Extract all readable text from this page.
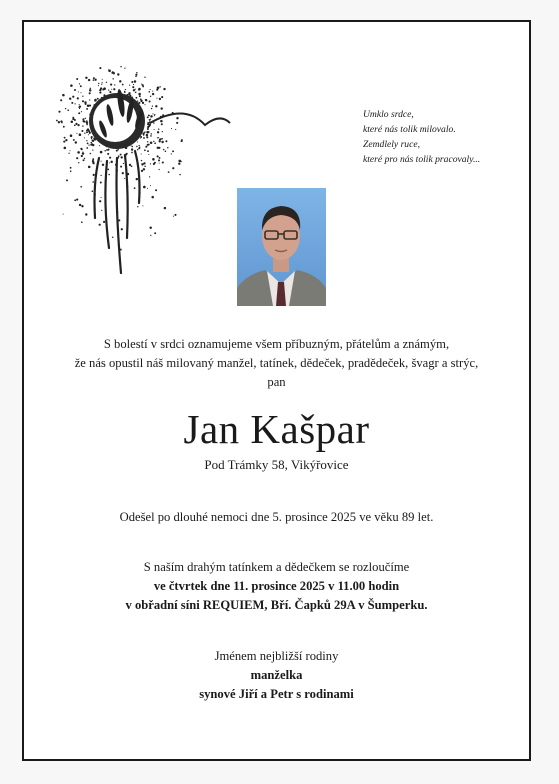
Umklo srdce,
které nás tolik milovalo.
Zemdlely ruce,
které pro nás tolik pracovaly...
S bolestí v srdci oznamujeme všem příbuzným, přátelům a známým,
že nás opustil náš milovaný manžel, tatínek, dědeček, pradědeček, švagr a strýc,
pan
Jan Kašpar
Pod Trámky 58, Vikýřovice
Odešel po dlouhé nemoci dne 5. prosince 2025 ve věku 89 let.
S naším drahým tatínkem a dědečkem se rozloučíme
ve čtvrtek dne 11. prosince 2025 v 11.00 hodin
v obřadní síni REQUIEM, Bří. Čapků 29A v Šumperku.
Jménem nejbližší rodiny
manželka
synové Jiří a Petr s rodinami
